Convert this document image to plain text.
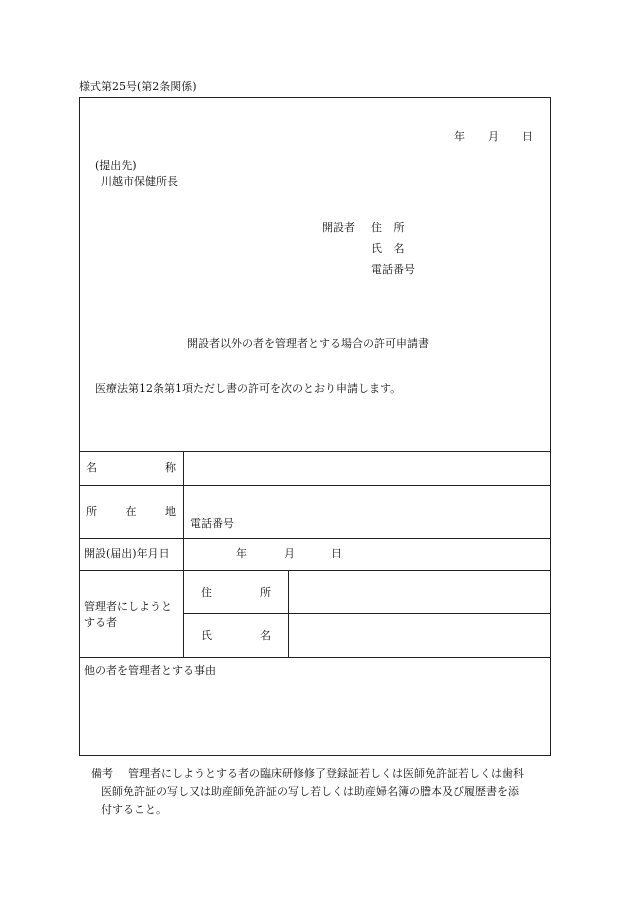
様式第25号(第2条関係)
年 月 日
(提出先)
川越市保健所長
開設者 住 所
氏 名
電話番号
開設者以外の者を管理者とする場合の許可申請書
医療法第12条第1項ただし書の許可を次のとおり申請します。
名	称
所	在	地
電話番号
開設(届出)年月日	年	月	日
管理者にしようとする者
住	所
氏	名
他の者を管理者とする事由
備考 管理者にしようとする者の臨床研修修了登録証若しくは医師免許証若しくは歯科
医師免許証の写し又は助産師免許証の写し若しくは助産婦名簿の謄本及び履歴書を添
付すること。
